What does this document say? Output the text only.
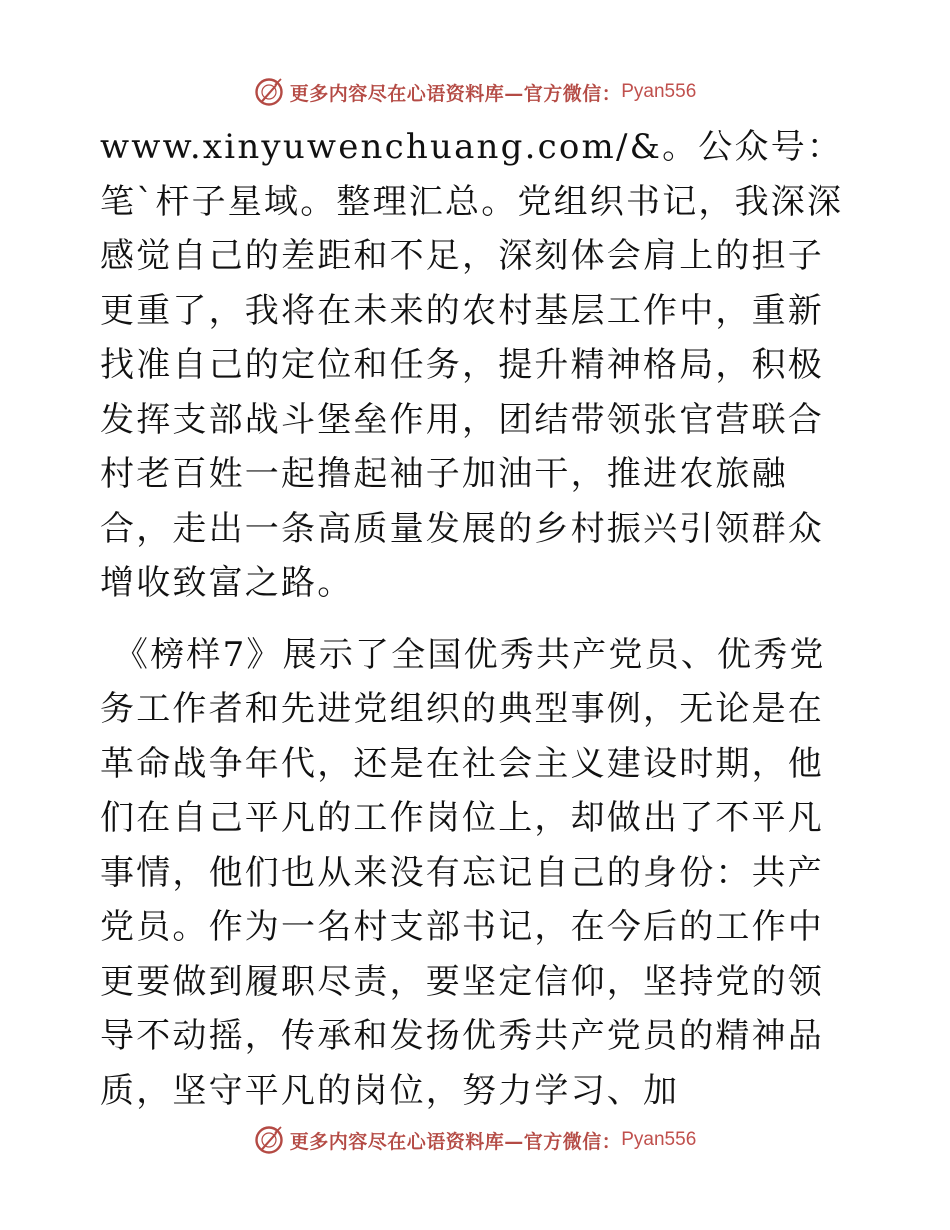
更多内容尽在心语资料库—官方微信： Pyan556

www.xinyuwenchuang.com/&。公众号：笔`杆子星域。整理汇总。党组织书记，我深深感觉自己的差距和不足，深刻体会肩上的担子更重了，我将在未来的农村基层工作中，重新找准自己的定位和任务，提升精神格局，积极发挥支部战斗堡垒作用，团结带领张官营联合村老百姓一起撸起袖子加油干，推进农旅融合，走出一条高质量发展的乡村振兴引领群众增收致富之路。

《榜样7》展示了全国优秀共产党员、优秀党务工作者和先进党组织的典型事例，无论是在革命战争年代，还是在社会主义建设时期，他们在自己平凡的工作岗位上，却做出了不平凡事情，他们也从来没有忘记自己的身份：共产党员。作为一名村支部书记，在今后的工作中更要做到履职尽责，要坚定信仰，坚持党的领导不动摇，传承和发扬优秀共产党员的精神品质，坚守平凡的岗位，努力学习、加

更多内容尽在心语资料库—官方微信： Pyan556
